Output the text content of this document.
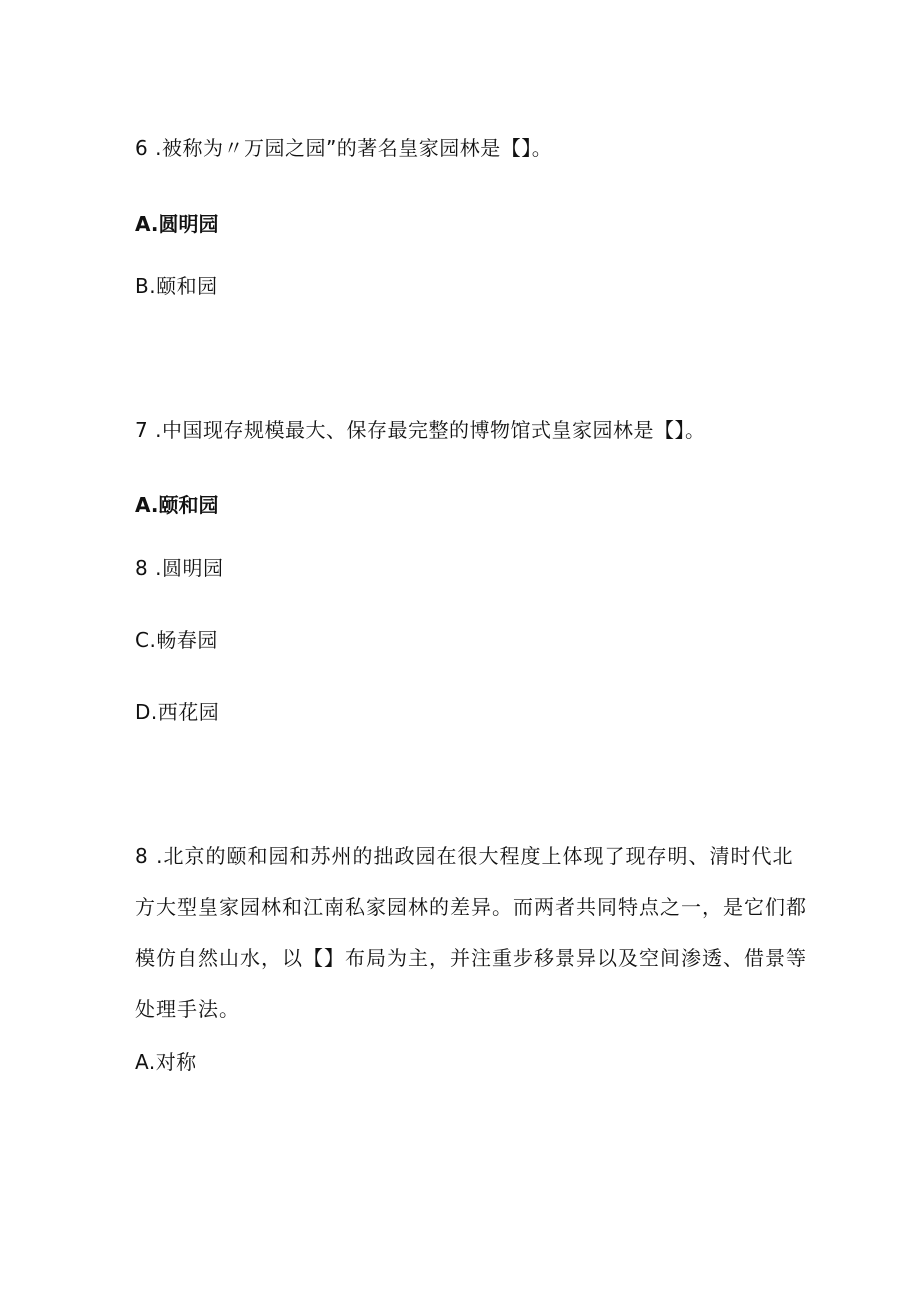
6 .被称为〃万园之园”的著名皇家园林是【】。
A.圆明园
B.颐和园
7 .中国现存规模最大、保存最完整的博物馆式皇家园林是【】。
A.颐和园
8 .圆明园
C.畅春园
D.西花园
8 .北京的颐和园和苏州的拙政园在很大程度上体现了现存明、清时代北
方大型皇家园林和江南私家园林的差异。而两者共同特点之一，是它们都
模仿自然山水，以【】布局为主，并注重步移景异以及空间渗透、借景等
处理手法。
A.对称
